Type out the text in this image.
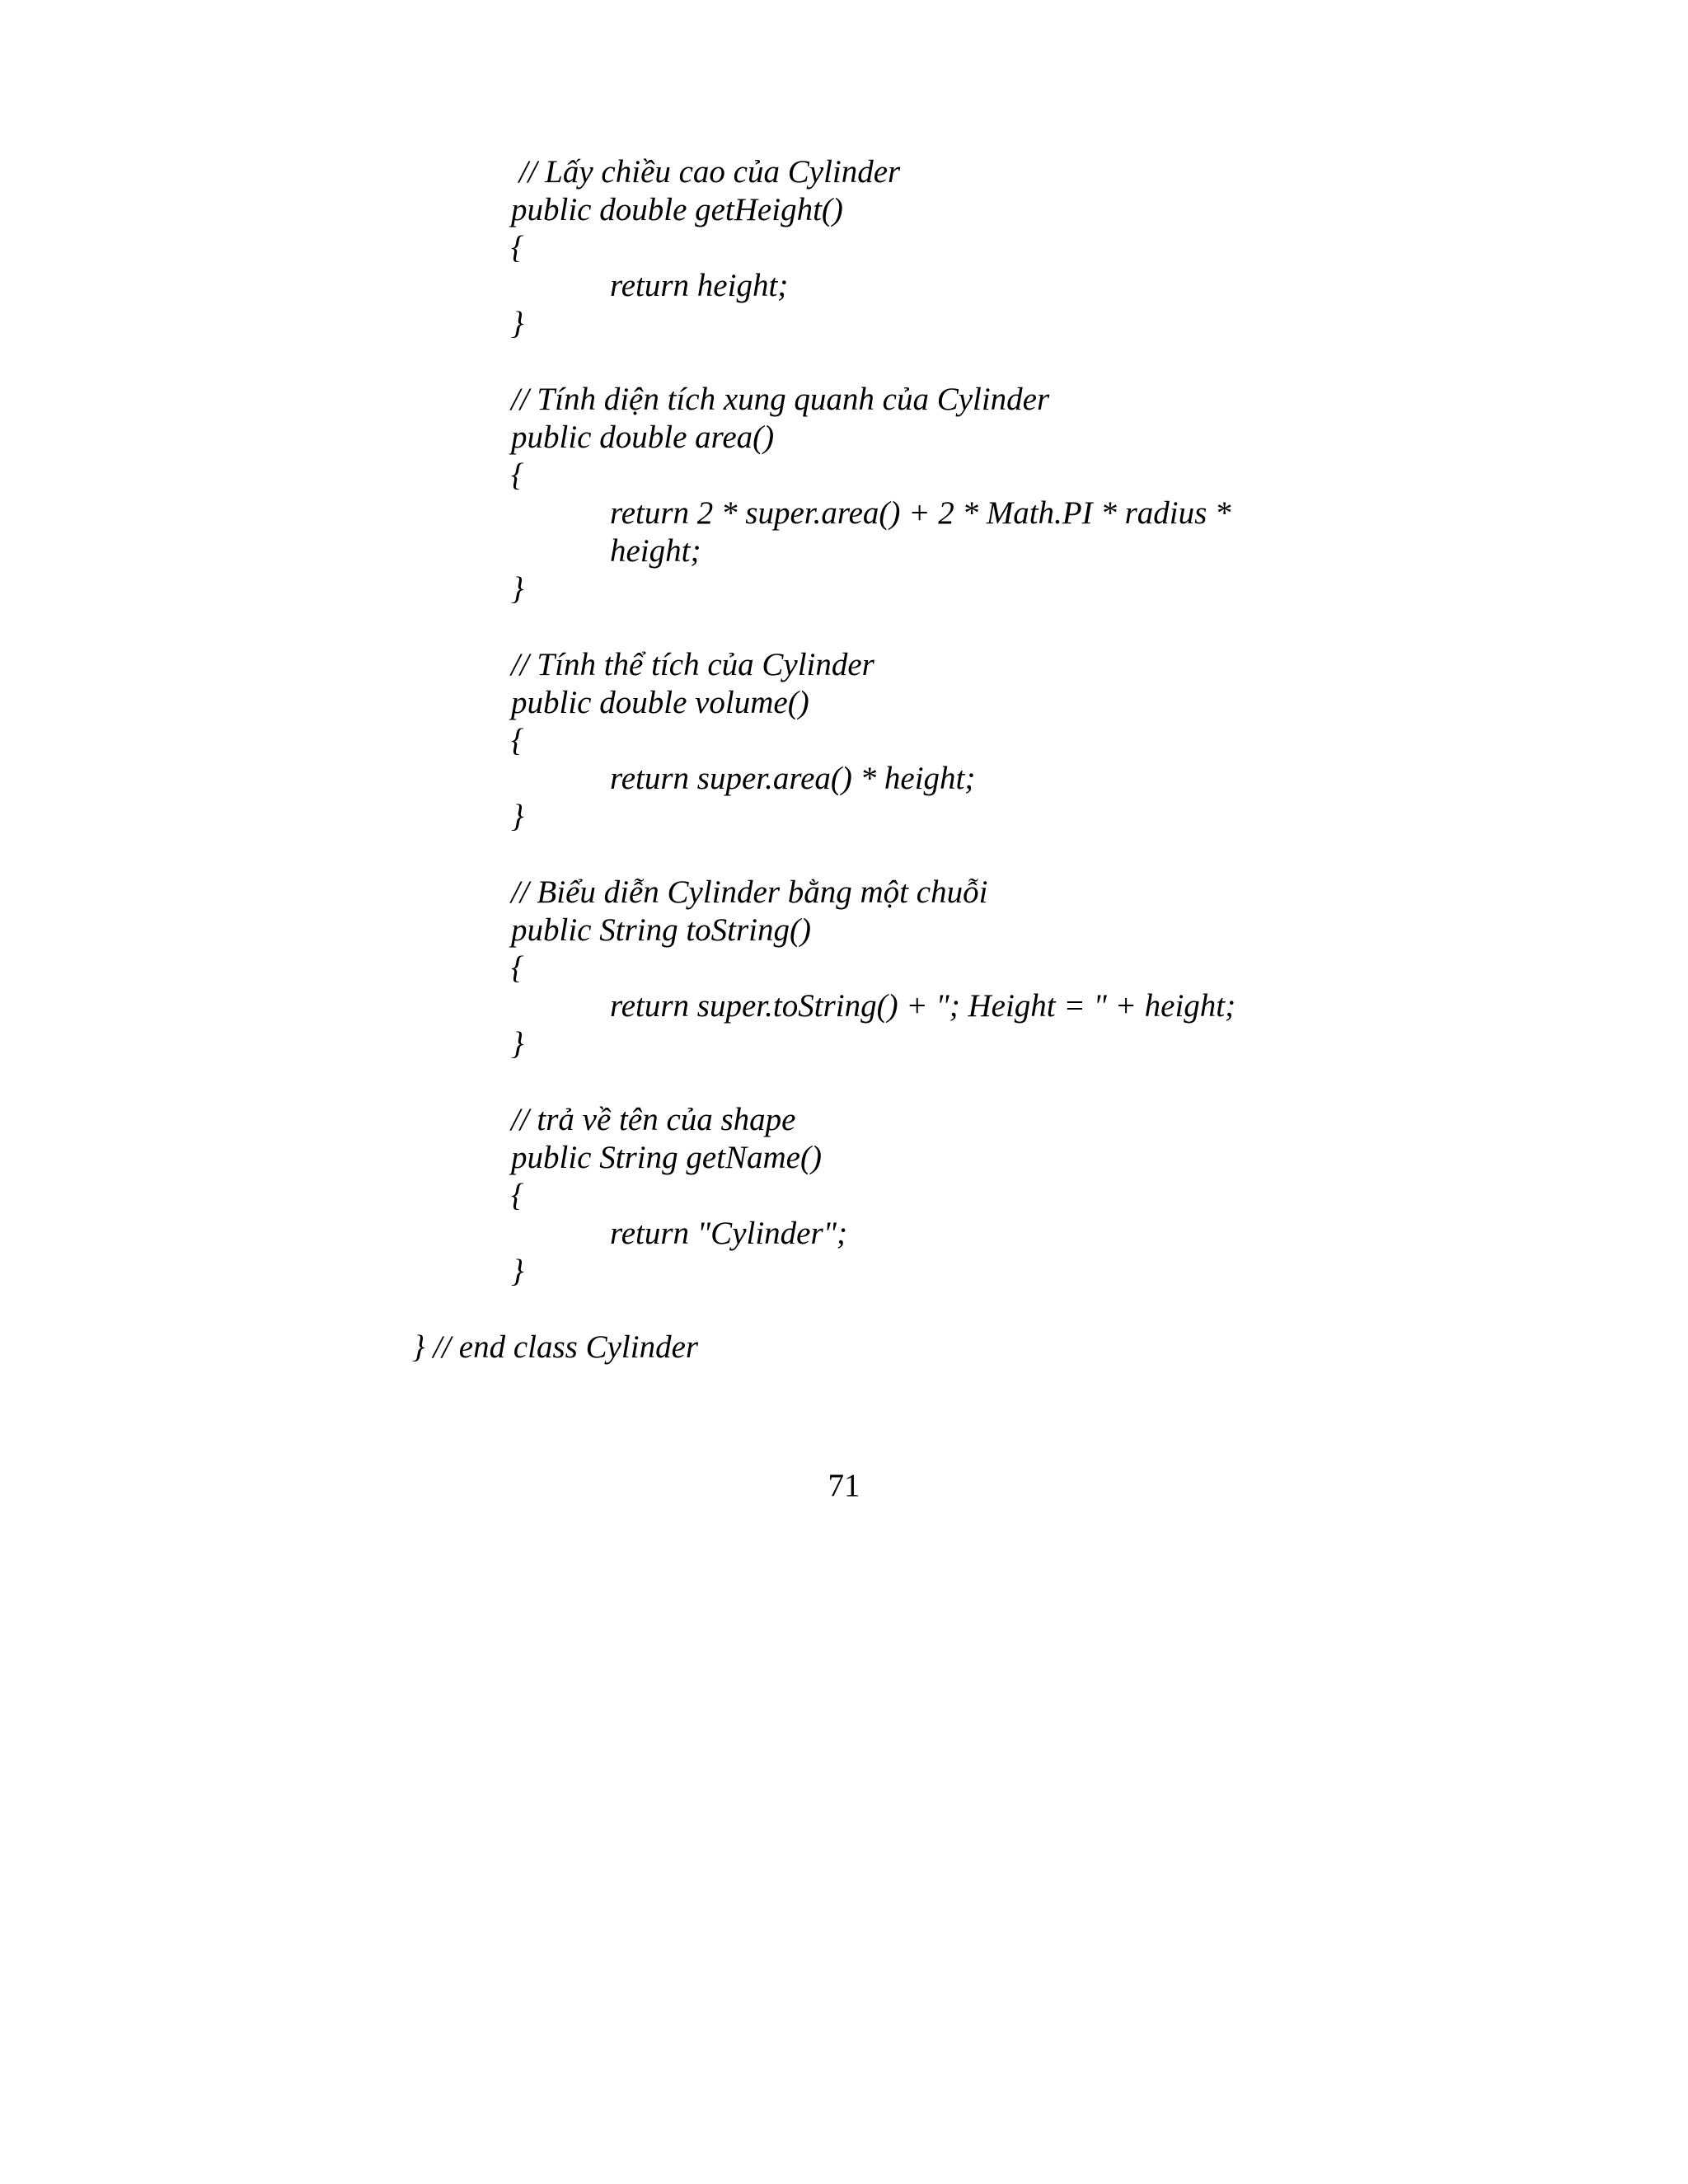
// Lấy chiều cao của Cylinder
public double getHeight()
{
return height;
}
// Tính diện tích xung quanh của Cylinder
public double area()
{
return 2 * super.area() + 2 * Math.PI * radius *
height;
}
// Tính thể tích của Cylinder
public double volume()
{
return super.area() * height;
}
// Biểu diễn Cylinder bằng một chuỗi
public String toString()
{
return super.toString() + "; Height = " + height;
}
// trả về tên của shape
public String getName()
{
return "Cylinder";
}
} // end class Cylinder
71
